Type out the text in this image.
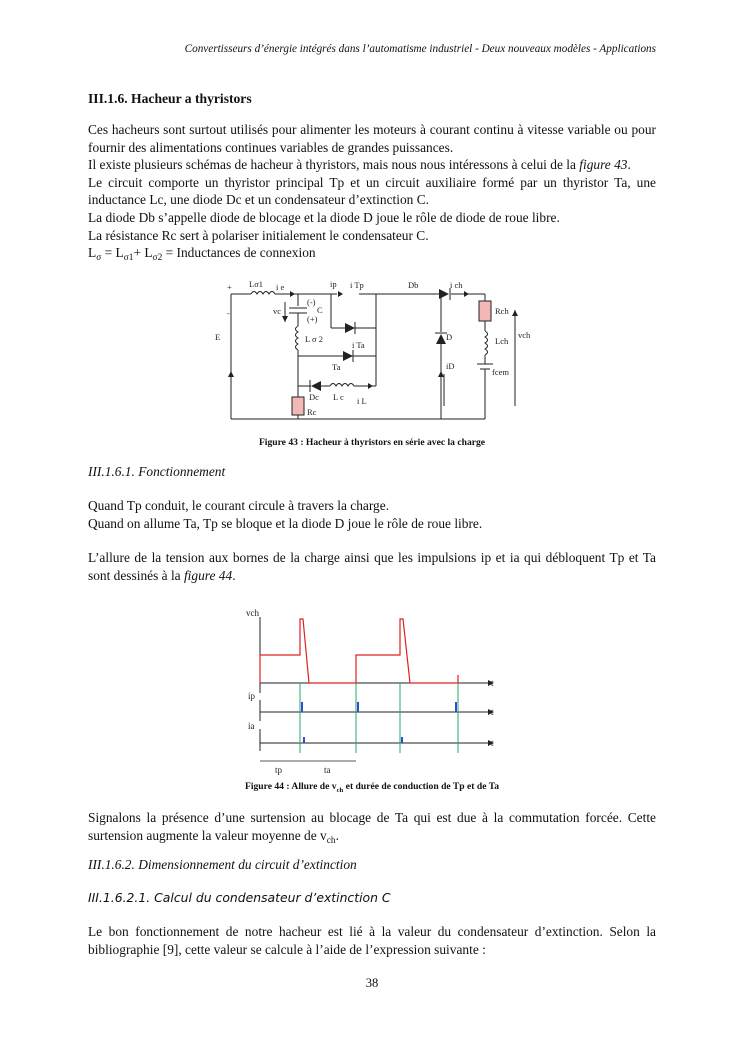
Convertisseurs d’énergie intégrés dans l’automatisme industriel - Deux nouveaux modèles - Applications
III.1.6. Hacheur a thyristors

Ces hacheurs sont surtout utilisés pour alimenter les moteurs à courant continu à vitesse variable ou pour fournir des alimentations continues variables de grandes puissances.

Il existe plusieurs schémas de hacheur à thyristors, mais nous nous intéressons à celui de la figure 43.

Le circuit comporte un thyristor principal Tp et un circuit auxiliaire formé par un thyristor Ta, une inductance Lc, une diode Dc et un condensateur d’extinction C.

La diode Db s’appelle diode de blocage et la diode D joue le rôle de diode de roue libre.

La résistance Rc sert à polariser initialement le condensateur C.

$L_\sigma = L_{\sigma 1}+ L_{\sigma 2}$ = Inductances de connexion

+
-
Lσ1 i e
vc
(-)
(+)
C
ip i Tp	Db	i ch
Rch
vch
E	L σ 2
i Ta
Ta
D
iD
Lch
fcem
Dc L c i L
Rc
Figure 43 : Hacheur à thyristors en série avec la charge
III.1.6.1. Fonctionnement

Quand Tp conduit, le courant circule à travers la charge.

Quand on allume Ta, Tp se bloque et la diode D joue le rôle de roue libre.

L’allure de la tension aux bornes de la charge ainsi que les impulsions ip et ia qui débloquent Tp et Ta sont dessinés à la figure 44.

vch
ip
ia
t
t
t
tp	ta
Figure 44 : Allure de $v_{ch}$ et durée de conduction de Tp et de Ta

Signalons la présence d’une surtension au blocage de Ta qui est due à la commutation forcée. Cette surtension augmente la valeur moyenne de $v_{ch}$.

III.1.6.2. Dimensionnement du circuit d’extinction
III.1.6.2.1. Calcul du condensateur d’extinction C

Le bon fonctionnement de notre hacheur est lié à la valeur du condensateur d’extinction. Selon la bibliographie [9], cette valeur se calcule à l’aide de l’expression suivante :

38
